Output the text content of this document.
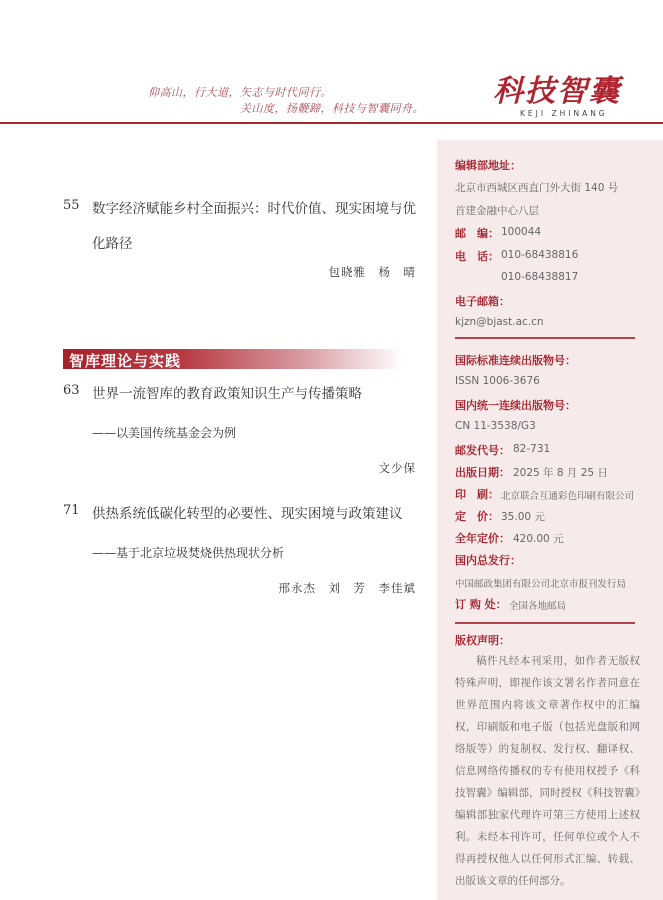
仰高山，行大道，矢志与时代同行。
关山度，扬鞭蹄，科技与智囊同舟。 科技智囊
KEJI ZHINANG
55 数字经济赋能乡村全面振兴：时代价值、现实困境与优
化路径
包晓雅　杨　晴
智库理论与实践
63 世界一流智库的教育政策知识生产与传播策略
——以美国传统基金会为例
文少保
71 供热系统低碳化转型的必要性、现实困境与政策建议
——基于北京垃圾焚烧供热现状分析
邢永杰　刘　芳　李佳斌
编辑部地址：
北京市西城区西直门外大街 140 号
首建金融中心八层
邮　编： 100044
电　话： 010-68438816
010-68438817
电子邮箱：
kjzn@bjast.ac.cn
国际标准连续出版物号：
ISSN 1006-3676
国内统一连续出版物号：
CN 11-3538/G3
邮发代号： 82-731
出版日期： 2025 年 8 月 25 日
印　刷： 北京联合互通彩色印刷有限公司
定　价： 35.00 元
全年定价： 420.00 元
国内总发行：
中国邮政集团有限公司北京市报刊发行局
订 购 处： 全国各地邮局
版权声明：
稿件凡经本刊采用，如作者无版权特殊声明，即视作该文署名作者同意在世界范围内将该文章著作权中的汇编权，印刷版和电子版（包括光盘版和网络版等）的复制权、发行权、翻译权、信息网络传播权的专有使用权授予《科技智囊》编辑部，同时授权《科技智囊》编辑部独家代理许可第三方使用上述权利。未经本刊许可，任何单位或个人不得再授权他人以任何形式汇编、转载、出版该文章的任何部分。
